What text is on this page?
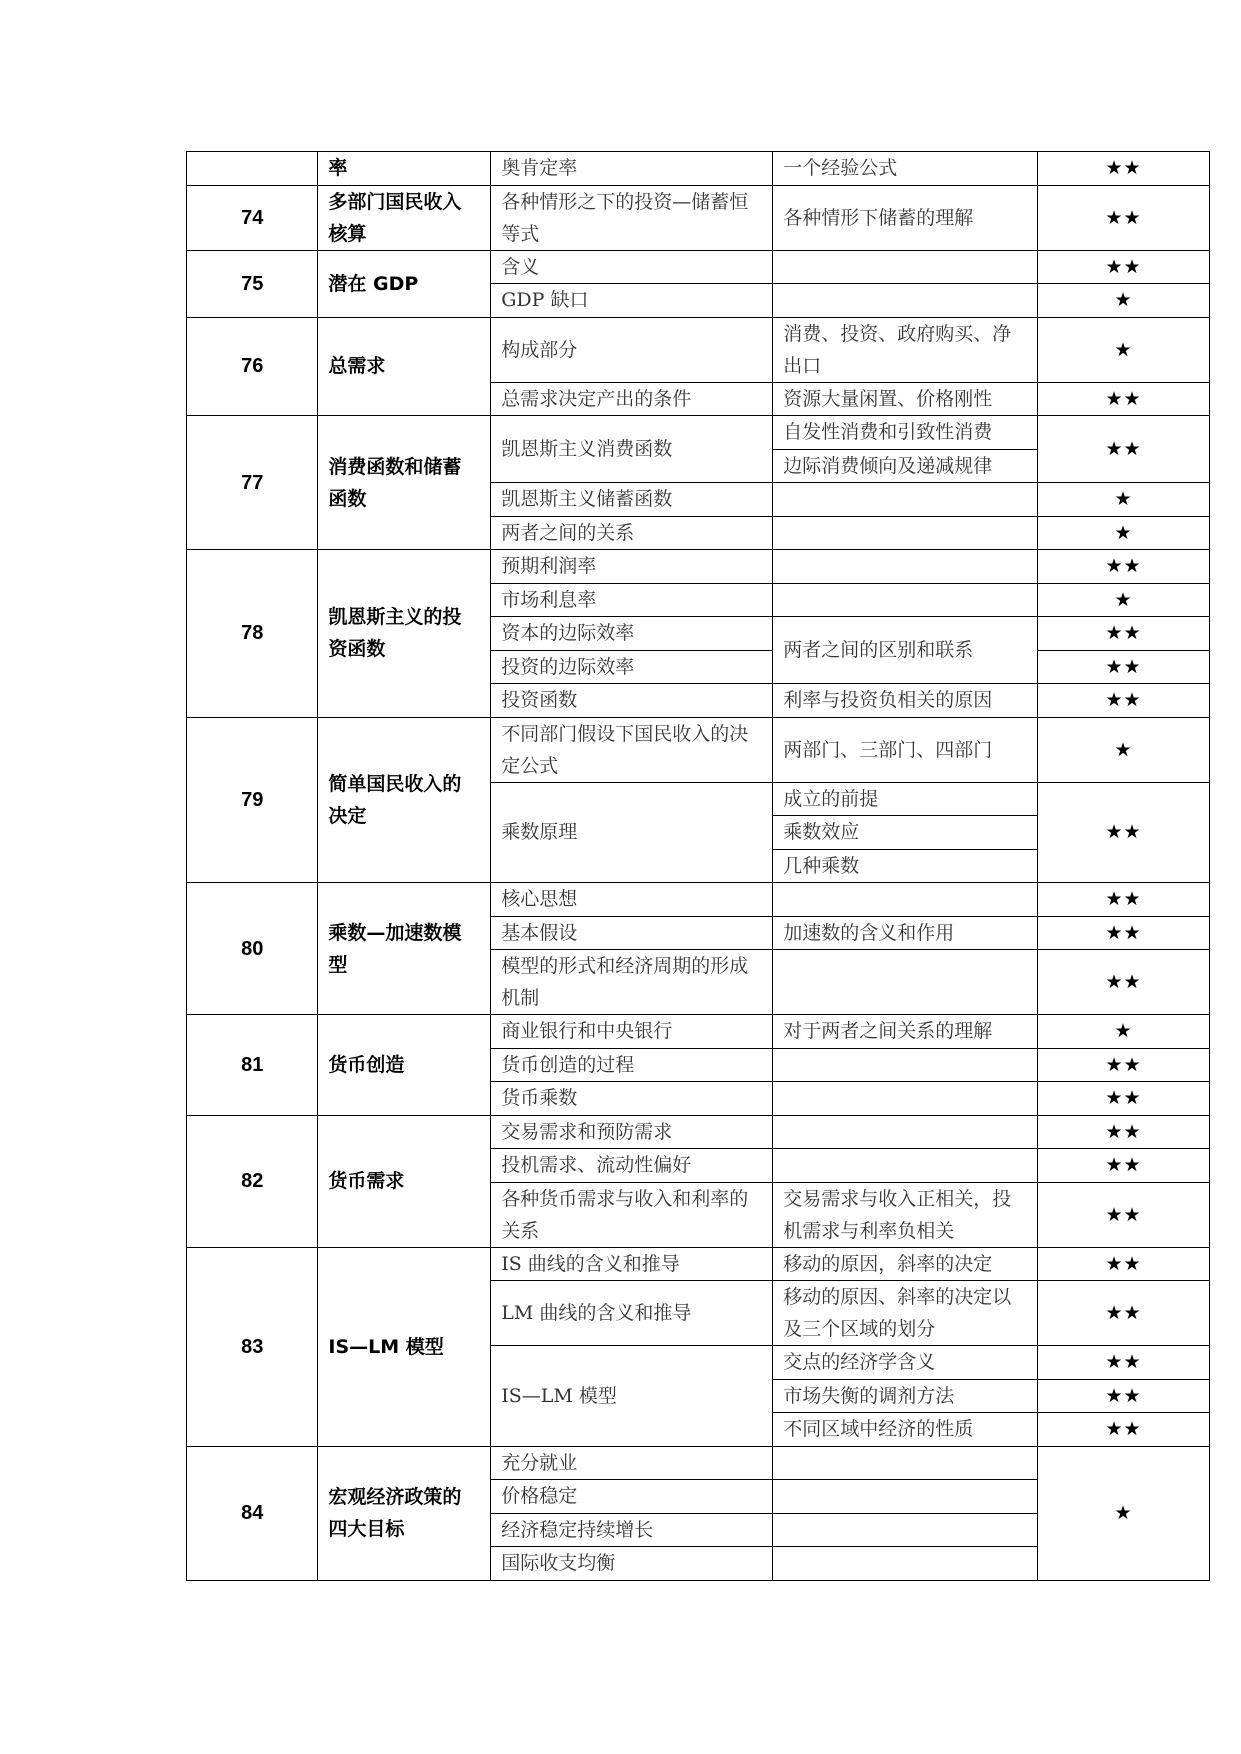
	率	奥肯定率	一个经验公式	★★
74	多部门国民收入核算	各种情形之下的投资—储蓄恒等式	各种情形下储蓄的理解	★★

75	潜在 GDP	含义		★★
		GDP 缺口		★
76	总需求	构成部分	消费、投资、政府购买、净出口	★

		总需求决定产出的条件	资源大量闲置、价格刚性	★★
77	消费函数和储蓄函数	凯恩斯主义消费函数	自发性消费和引致性消费	★★
			边际消费倾向及递减规律	
		凯恩斯主义储蓄函数		★
		两者之间的关系		★
78	凯恩斯主义的投资函数	预期利润率		★★
		市场利息率		★
		资本的边际效率	两者之间的区别和联系	★★
		投资的边际效率		★★
		投资函数	利率与投资负相关的原因	★★
79	简单国民收入的决定	不同部门假设下国民收入的决定公式	两部门、三部门、四部门	★

		乘数原理	成立的前提	★★
			乘数效应	
			几种乘数	
80	乘数—加速数模型	核心思想		★★
		基本假设	加速数的含义和作用	★★
		模型的形式和经济周期的形成机制		★★

81	货币创造	商业银行和中央银行	对于两者之间关系的理解	★
		货币创造的过程		★★
		货币乘数		★★
82	货币需求	交易需求和预防需求		★★
		投机需求、流动性偏好		★★
		各种货币需求与收入和利率的关系	交易需求与收入正相关，投机需求与利率负相关	★★

83	IS—LM 模型	IS 曲线的含义和推导	移动的原因，斜率的决定	★★
		LM 曲线的含义和推导	移动的原因、斜率的决定以及三个区域的划分	★★

		IS—LM 模型	交点的经济学含义	★★
			市场失衡的调剂方法	★★
			不同区域中经济的性质	★★
84	宏观经济政策的四大目标	充分就业		★
		价格稳定		
		经济稳定持续增长		
		国际收支均衡		
